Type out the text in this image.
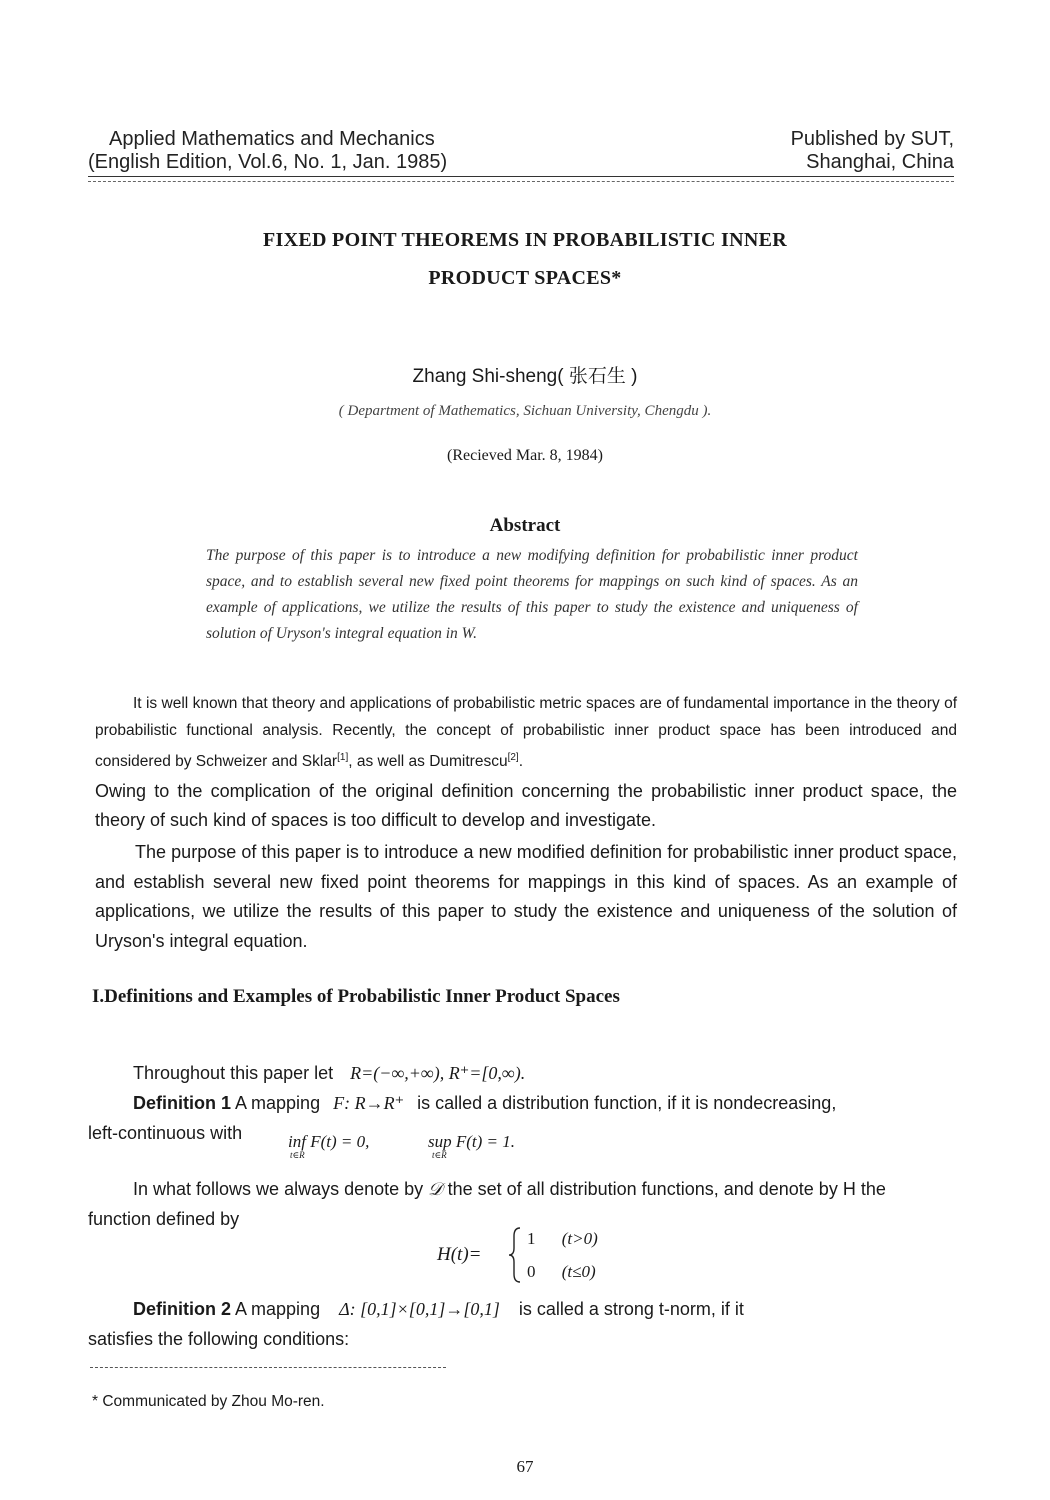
Applied Mathematics and Mechanics
(English Edition, Vol.6, No. 1, Jan. 1985)
Published by SUT,
Shanghai, China
FIXED POINT THEOREMS IN PROBABILISTIC INNER
PRODUCT SPACES*
Zhang Shi-sheng( 张石生 )
( Department of Mathematics, Sichuan University, Chengdu ).
(Recieved Mar. 8, 1984)
Abstract
The purpose of this paper is to introduce a new modifying definition for probabilistic inner product space, and to establish several new fixed point theorems for mappings on such kind of spaces. As an example of applications, we utilize the results of this paper to study the existence and uniqueness of solution of Uryson's integral equation in W.
It is well known that theory and applications of probabilistic metric spaces are of fundamental importance in the theory of probabilistic functional analysis. Recently, the concept of probabilistic inner product space has been introduced and considered by Schweizer and Sklar[1], as well as Dumitrescu[2].
Owing to the complication of the original definition concerning the probabilistic inner product space, the theory of such kind of spaces is too difficult to develop and investigate.
The purpose of this paper is to introduce a new modified definition for probabilistic inner product space, and establish several new fixed point theorems for mappings in this kind of spaces. As an example of applications, we utilize the results of this paper to study the existence and uniqueness of the solution of Uryson's integral equation.
I.Definitions and Examples of Probabilistic Inner Product Spaces
Throughout this paper let R=(−∞,+∞), R⁺=[0,∞).
Definition 1 A mapping F: R→R⁺ is called a distribution function, if it is nondecreasing,
left-continuous with	inf F(t) = 0,
t∈R
sup F(t) = 1.
t∈R
In what follows we always denote by 𝒟 the set of all distribution functions, and denote by H the
function defined by
H(t)=
1 (t>0)
0 (t≤0)
Definition 2 A mapping Δ: [0,1]×[0,1]→[0,1] is called a strong t-norm, if it
satisfies the following conditions:
* Communicated by Zhou Mo-ren.
67
